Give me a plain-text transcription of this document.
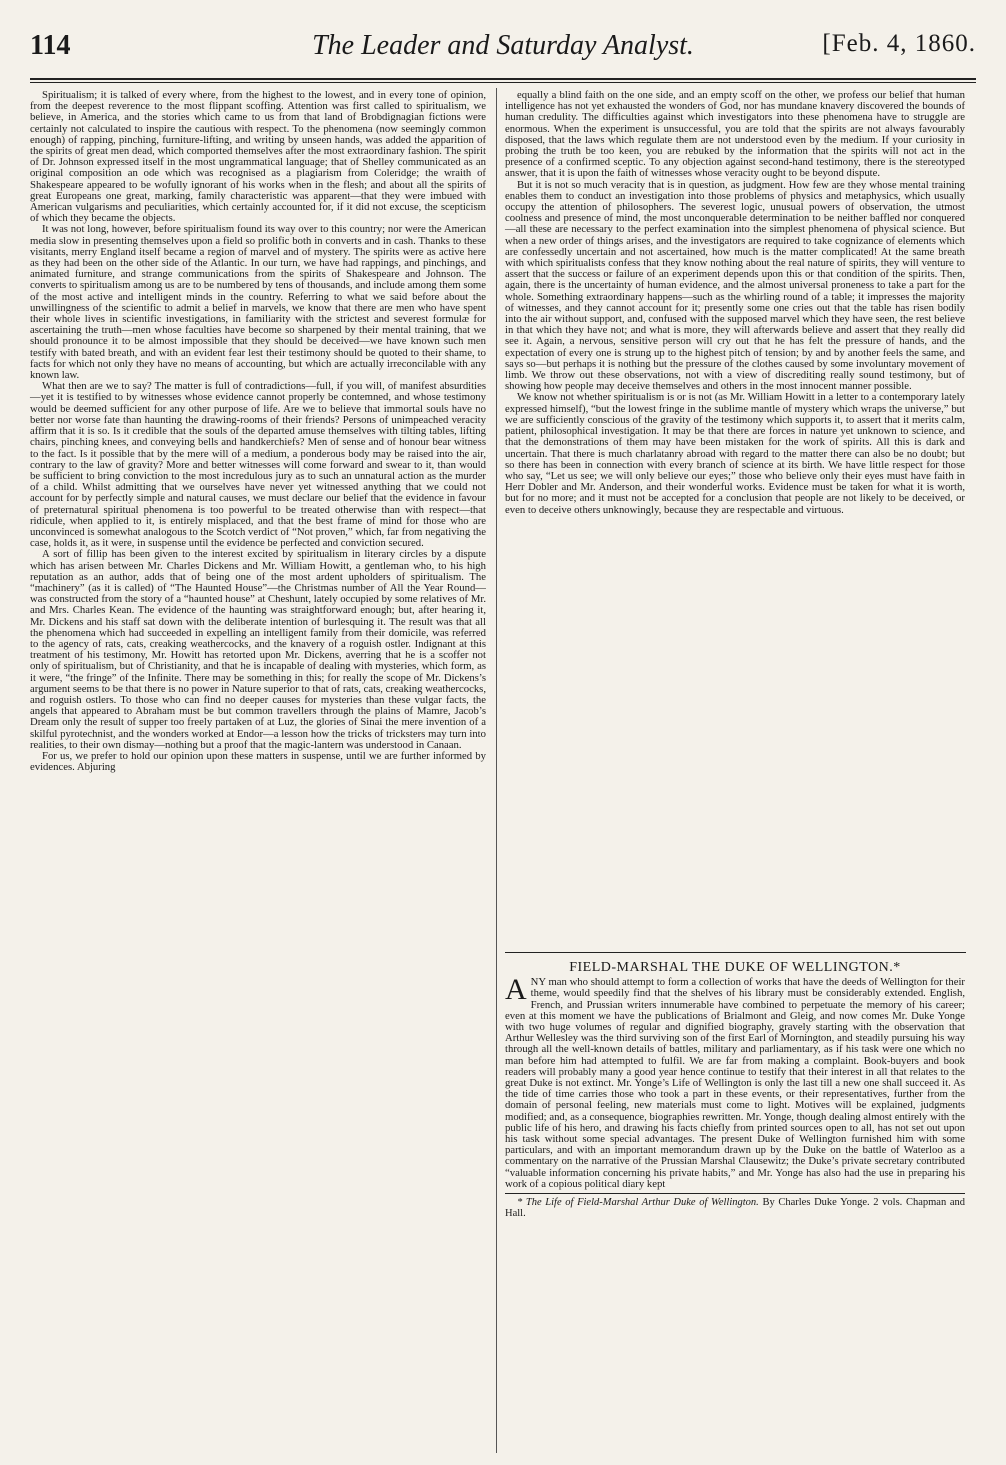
114	The Leader and Saturday Analyst.	[Feb. 4, 1860.

Spiritualism; it is talked of every where, from the highest to the lowest, and in every tone of opinion, from the deepest reverence to the most flippant scoffing. Attention was first called to spiritualism, we believe, in America, and the stories which came to us from that land of Brobdignagian fictions were certainly not calculated to inspire the cautious with respect. To the phenomena (now seemingly common enough) of rapping, pinching, furniture-lifting, and writing by unseen hands, was added the apparition of the spirits of great men dead, which comported themselves after the most extraordinary fashion. The spirit of Dr. Johnson expressed itself in the most ungrammatical language; that of Shelley communicated as an original composition an ode which was recognised as a plagiarism from Coleridge; the wraith of Shakespeare appeared to be wofully ignorant of his works when in the flesh; and about all the spirits of great Europeans one great, marking, family characteristic was apparent—that they were imbued with American vulgarisms and peculiarities, which certainly accounted for, if it did not excuse, the scepticism of which they became the objects.

It was not long, however, before spiritualism found its way over to this country; nor were the American media slow in presenting themselves upon a field so prolific both in converts and in cash. Thanks to these visitants, merry England itself became a region of marvel and of mystery. The spirits were as active here as they had been on the other side of the Atlantic. In our turn, we have had rappings, and pinchings, and animated furniture, and strange communications from the spirits of Shakespeare and Johnson. The converts to spiritualism among us are to be numbered by tens of thousands, and include among them some of the most active and intelligent minds in the country. Referring to what we said before about the unwillingness of the scientific to admit a belief in marvels, we know that there are men who have spent their whole lives in scientific investigations, in familiarity with the strictest and severest formulæ for ascertaining the truth—men whose faculties have become so sharpened by their mental training, that we should pronounce it to be almost impossible that they should be deceived—we have known such men testify with bated breath, and with an evident fear lest their testimony should be quoted to their shame, to facts for which not only they have no means of accounting, but which are actually irreconcilable with any known law.

What then are we to say? The matter is full of contradictions—full, if you will, of manifest absurdities—yet it is testified to by witnesses whose evidence cannot properly be contemned, and whose testimony would be deemed sufficient for any other purpose of life. Are we to believe that immortal souls have no better nor worse fate than haunting the drawing-rooms of their friends? Persons of unimpeached veracity affirm that it is so. Is it credible that the souls of the departed amuse themselves with tilting tables, lifting chairs, pinching knees, and conveying bells and handkerchiefs? Men of sense and of honour bear witness to the fact. Is it possible that by the mere will of a medium, a ponderous body may be raised into the air, contrary to the law of gravity? More and better witnesses will come forward and swear to it, than would be sufficient to bring conviction to the most incredulous jury as to such an unnatural action as the murder of a child. Whilst admitting that we ourselves have never yet witnessed anything that we could not account for by perfectly simple and natural causes, we must declare our belief that the evidence in favour of preternatural spiritual phenomena is too powerful to be treated otherwise than with respect—that ridicule, when applied to it, is entirely misplaced, and that the best frame of mind for those who are unconvinced is somewhat analogous to the Scotch verdict of “Not proven,” which, far from negativing the case, holds it, as it were, in suspense until the evidence be perfected and conviction secured.

A sort of fillip has been given to the interest excited by spiritualism in literary circles by a dispute which has arisen between Mr. Charles Dickens and Mr. William Howitt, a gentleman who, to his high reputation as an author, adds that of being one of the most ardent upholders of spiritualism. The “machinery” (as it is called) of “The Haunted House”—the Christmas number of All the Year Round—was constructed from the story of a “haunted house” at Cheshunt, lately occupied by some relatives of Mr. and Mrs. Charles Kean. The evidence of the haunting was straightforward enough; but, after hearing it, Mr. Dickens and his staff sat down with the deliberate intention of burlesquing it. The result was that all the phenomena which had succeeded in expelling an intelligent family from their domicile, was referred to the agency of rats, cats, creaking weathercocks, and the knavery of a roguish ostler. Indignant at this treatment of his testimony, Mr. Howitt has retorted upon Mr. Dickens, averring that he is a scoffer not only of spiritualism, but of Christianity, and that he is incapable of dealing with mysteries, which form, as it were, “the fringe” of the Infinite. There may be something in this; for really the scope of Mr. Dickens’s argument seems to be that there is no power in Nature superior to that of rats, cats, creaking weathercocks, and roguish ostlers. To those who can find no deeper causes for mysteries than these vulgar facts, the angels that appeared to Abraham must be but common travellers through the plains of Mamre, Jacob’s Dream only the result of supper too freely partaken of at Luz, the glories of Sinai the mere invention of a skilful pyrotechnist, and the wonders worked at Endor—a lesson how the tricks of tricksters may turn into realities, to their own dismay—nothing but a proof that the magic-lantern was understood in Canaan.

For us, we prefer to hold our opinion upon these matters in suspense, until we are further informed by evidences. Abjuring

equally a blind faith on the one side, and an empty scoff on the other, we profess our belief that human intelligence has not yet exhausted the wonders of God, nor has mundane knavery discovered the bounds of human credulity. The difficulties against which investigators into these phenomena have to struggle are enormous. When the experiment is unsuccessful, you are told that the spirits are not always favourably disposed, that the laws which regulate them are not understood even by the medium. If your curiosity in probing the truth be too keen, you are rebuked by the information that the spirits will not act in the presence of a confirmed sceptic. To any objection against second-hand testimony, there is the stereotyped answer, that it is upon the faith of witnesses whose veracity ought to be beyond dispute.

But it is not so much veracity that is in question, as judgment. How few are they whose mental training enables them to conduct an investigation into those problems of physics and metaphysics, which usually occupy the attention of philosophers. The severest logic, unusual powers of observation, the utmost coolness and presence of mind, the most unconquerable determination to be neither baffled nor conquered—all these are necessary to the perfect examination into the simplest phenomena of physical science. But when a new order of things arises, and the investigators are required to take cognizance of elements which are confessedly uncertain and not ascertained, how much is the matter complicated! At the same breath with which spiritualists confess that they know nothing about the real nature of spirits, they will venture to assert that the success or failure of an experiment depends upon this or that condition of the spirits. Then, again, there is the uncertainty of human evidence, and the almost universal proneness to take a part for the whole. Something extraordinary happens—such as the whirling round of a table; it impresses the majority of witnesses, and they cannot account for it; presently some one cries out that the table has risen bodily into the air without support, and, confused with the supposed marvel which they have seen, the rest believe in that which they have not; and what is more, they will afterwards believe and assert that they really did see it. Again, a nervous, sensitive person will cry out that he has felt the pressure of hands, and the expectation of every one is strung up to the highest pitch of tension; by and by another feels the same, and says so—but perhaps it is nothing but the pressure of the clothes caused by some involuntary movement of limb. We throw out these observations, not with a view of discrediting really sound testimony, but of showing how people may deceive themselves and others in the most innocent manner possible.

We know not whether spiritualism is or is not (as Mr. William Howitt in a letter to a contemporary lately expressed himself), “but the lowest fringe in the sublime mantle of mystery which wraps the universe,” but we are sufficiently conscious of the gravity of the testimony which supports it, to assert that it merits calm, patient, philosophical investigation. It may be that there are forces in nature yet unknown to science, and that the demonstrations of them may have been mistaken for the work of spirits. All this is dark and uncertain. That there is much charlatanry abroad with regard to the matter there can also be no doubt; but so there has been in connection with every branch of science at its birth. We have little respect for those who say, “Let us see; we will only believe our eyes;” those who believe only their eyes must have faith in Herr Dobler and Mr. Anderson, and their wonderful works. Evidence must be taken for what it is worth, but for no more; and it must not be accepted for a conclusion that people are not likely to be deceived, or even to deceive others unknowingly, because they are respectable and virtuous.

FIELD-MARSHAL THE DUKE OF WELLINGTON.*

ANY man who should attempt to form a collection of works that have the deeds of Wellington for their theme, would speedily find that the shelves of his library must be considerably extended. English, French, and Prussian writers innumerable have combined to perpetuate the memory of his career; even at this moment we have the publications of Brialmont and Gleig, and now comes Mr. Duke Yonge with two huge volumes of regular and dignified biography, gravely starting with the observation that Arthur Wellesley was the third surviving son of the first Earl of Mornington, and steadily pursuing his way through all the well-known details of battles, military and parliamentary, as if his task were one which no man before him had attempted to fulfil. We are far from making a complaint. Book-buyers and book readers will probably many a good year hence continue to testify that their interest in all that relates to the great Duke is not extinct. Mr. Yonge’s Life of Wellington is only the last till a new one shall succeed it. As the tide of time carries those who took a part in these events, or their representatives, further from the domain of personal feeling, new materials must come to light. Motives will be explained, judgments modified; and, as a consequence, biographies rewritten. Mr. Yonge, though dealing almost entirely with the public life of his hero, and drawing his facts chiefly from printed sources open to all, has not set out upon his task without some special advantages. The present Duke of Wellington furnished him with some particulars, and with an important memorandum drawn up by the Duke on the battle of Waterloo as a commentary on the narrative of the Prussian Marshal Clausewitz; the Duke’s private secretary contributed “valuable information concerning his private habits,” and Mr. Yonge has also had the use in preparing his work of a copious political diary kept

* The Life of Field-Marshal Arthur Duke of Wellington. By Charles Duke Yonge. 2 vols. Chapman and Hall.
